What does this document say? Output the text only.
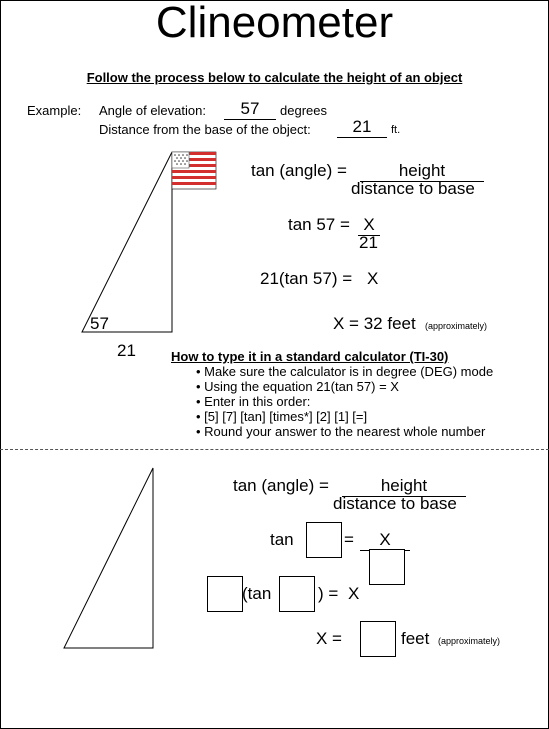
Clineometer
Follow the process below to calculate the height of an object
Example: Angle of elevation:	57	degrees
Distance from the base of the object:	21	ft.
57
21
tan (angle) =	height
distance to base
tan 57 = X
21
21(tan 57) = X
X = 32 feet (approximately)
How to type it in a standard calculator (TI-30)
• Make sure the calculator is in degree (DEG) mode
• Using the equation 21(tan 57) = X
• Enter in this order:
• [5] [7] [tan] [times*] [2] [1] [=]
• Round your answer to the nearest whole number
tan (angle) =	height
distance to base
tan	=	X
(tan	) = X
X =	feet (approximately)
